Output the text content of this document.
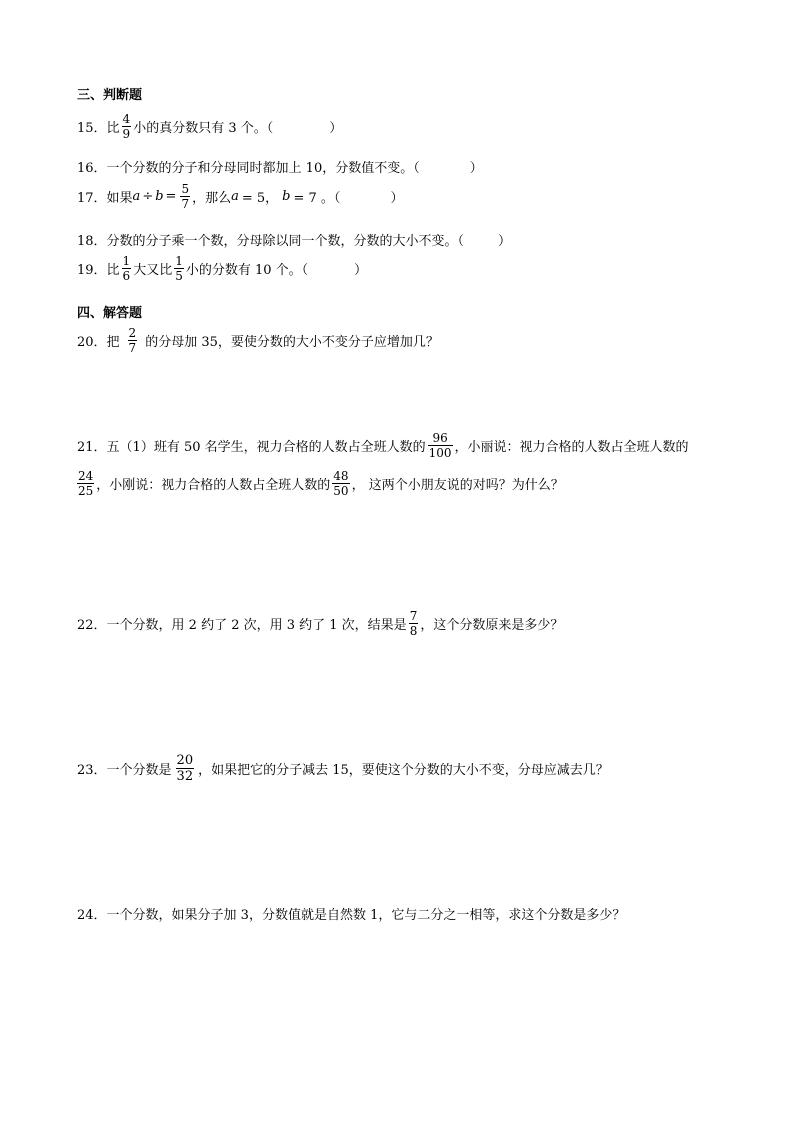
三、判断题
15．比 $\frac{4}{9}$ 小的真分数只有 3 个。（	）
16．一个分数的分子和分母同时都加上 10，分数值不变。（	）
17．如果 $a \div b = \frac{5}{7}$ ，那么 a = 5， b = 7 。（	）
18．分数的分子乘一个数，分母除以同一个数，分数的大小不变。（	）
19．比 $\frac{1}{6}$ 大又比 $\frac{1}{5}$ 小的分数有 10 个。（	）
四、解答题
20．把 $\frac{2}{7}$ 的分母加 35，要使分数的大小不变分子应增加几？
21．五（1）班有 50 名学生，视力合格的人数占全班人数的 $\frac{96}{100}$ ，小丽说：视力合格的人数占全班人数的
$\frac{24}{25}$ ，小刚说：视力合格的人数占全班人数的 $\frac{48}{50}$ ， 这两个小朋友说的对吗？为什么？
22．一个分数，用 2 约了 2 次，用 3 约了 1 次，结果是 $\frac{7}{8}$ ，这个分数原来是多少？
23．一个分数是 $\frac{20}{32}$ ，如果把它的分子减去 15，要使这个分数的大小不变，分母应减去几？
24．一个分数，如果分子加 3，分数值就是自然数 1，它与二分之一相等，求这个分数是多少？
